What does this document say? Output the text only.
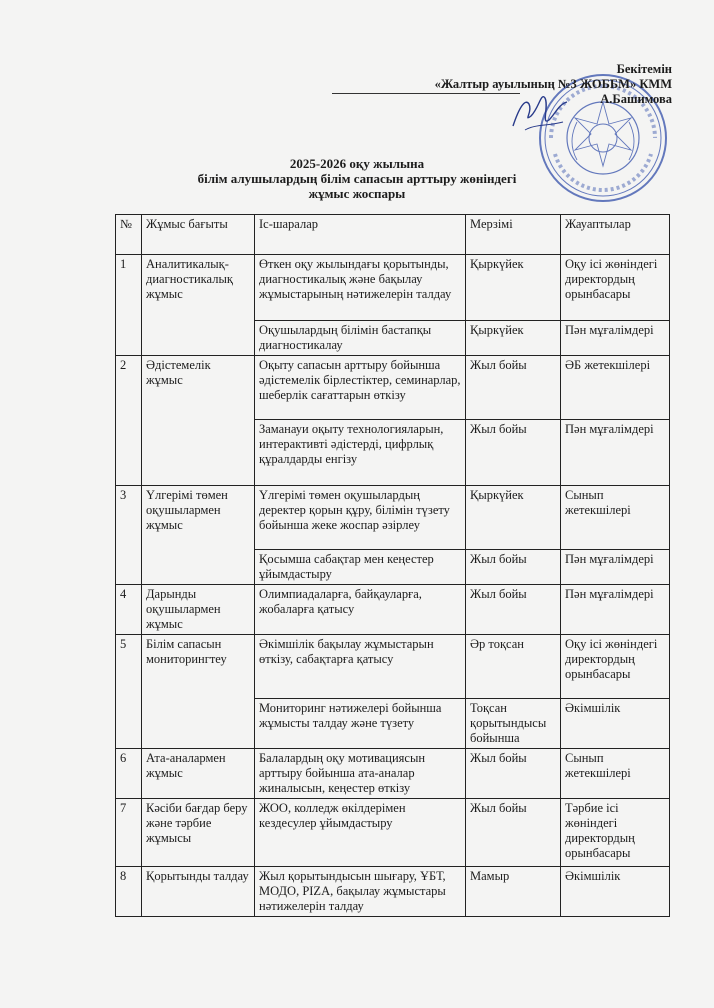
Бекітемін
«Жалтыр ауылының №3 ЖОББМ» КММ
А.Башимова
2025-2026 оқу жылына
білім алушылардың білім сапасын арттыру жөніндегі
жұмыс жоспары
№	Жұмыс бағыты	Іс-шаралар	Мерзімі	Жауаптылар
1	Аналитикалық-диагностикалық жұмыс	Өткен оқу жылындағы қорытынды, диагностикалық және бақылау жұмыстарының нәтижелерін талдау	Қыркүйек	Оқу ісі жөніндегі директордың орынбасары
		Оқушылардың білімін бастапқы диагностикалау	Қыркүйек	Пән мұғалімдері
2	Әдістемелік жұмыс	Оқыту сапасын арттыру бойынша әдістемелік бірлестіктер, семинарлар, шеберлік сағаттарын өткізу	Жыл бойы	ӘБ жетекшілері
		Заманауи оқыту технологияларын, интерактивті әдістерді, цифрлық құралдарды енгізу	Жыл бойы	Пән мұғалімдері
3	Үлгерімі төмен оқушылармен жұмыс	Үлгерімі төмен оқушылардың деректер қорын құру, білімін түзету бойынша жеке жоспар әзірлеу	Қыркүйек	Сынып жетекшілері
		Қосымша сабақтар мен кеңестер ұйымдастыру	Жыл бойы	Пән мұғалімдері
4	Дарынды оқушылармен жұмыс	Олимпиадаларға, байқауларға, жобаларға қатысу	Жыл бойы	Пән мұғалімдері
5	Білім сапасын мониторингтеу	Әкімшілік бақылау жұмыстарын өткізу, сабақтарға қатысу	Әр тоқсан	Оқу ісі жөніндегі директордың орынбасары
		Мониторинг нәтижелері бойынша жұмысты талдау және түзету	Тоқсан қорытындысы бойынша	Әкімшілік
6	Ата-аналармен жұмыс	Балалардың оқу мотивациясын арттыру бойынша ата-аналар жиналысын, кеңестер өткізу	Жыл бойы	Сынып жетекшілері
7	Кәсіби бағдар беру және тәрбие жұмысы	ЖОО, колледж өкілдерімен кездесулер ұйымдастыру	Жыл бойы	Тәрбие ісі жөніндегі директордың орынбасары
8	Қорытынды талдау	Жыл қорытындысын шығару, ҰБТ, МОДО, PIZA, бақылау жұмыстары нәтижелерін талдау	Мамыр	Әкімшілік
